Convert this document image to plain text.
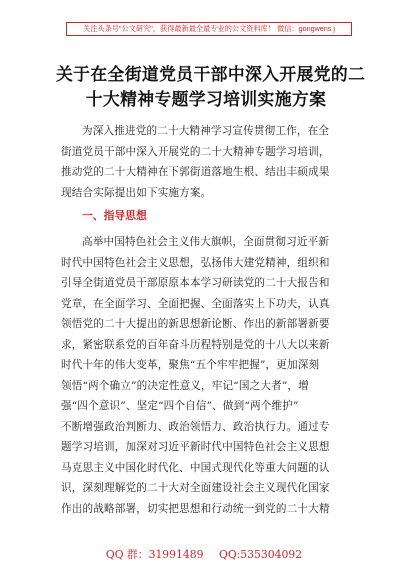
关注头条号"公文研究"，获得最新最全最专业的公文资料库！ 微信：gongwens j
关于在全街道党员干部中深入开展党的二
十大精神专题学习培训实施方案

为深入推进党的二十大精神学习宣传贯彻工作，在全
街道党员干部中深入开展党的二十大精神专题学习培训，
推动党的二十大精神在下郭街道落地生根、结出丰硕成果
现结合实际提出如下实施方案。

一、指导思想

高举中国特色社会主义伟大旗帜，全面贯彻习近平新
时代中国特色社会主义思想，弘扬伟大建党精神，组织和
引导全街道党员干部原原本本学习研读党的二十大报告和
党章，在全面学习、全面把握、全面落实上下功夫，认真
领悟党的二十大提出的新思想新论断、作出的新部署新要
求，紧密联系党的百年奋斗历程特别是党的十八大以来新
时代十年的伟大变革，聚焦“五个牢牢把握”，更加深刻
领悟“两个确立”的决定性意义，牢记“国之大者”，增
强“四个意识”、坚定“四个自信”、做到“两个维护”
不断增强政治判断力、政治领悟力、政治执行力。通过专
题学习培训，加深对习近平新时代中国特色社会主义思想
马克思主义中国化时代化、中国式现代化等重大问题的认
识，深刻理解党的二十大对全面建设社会主义现代化国家
作出的战略部署，切实把思想和行动统一到党的二十大精

QQ 群：31991489 QQ:535304092
